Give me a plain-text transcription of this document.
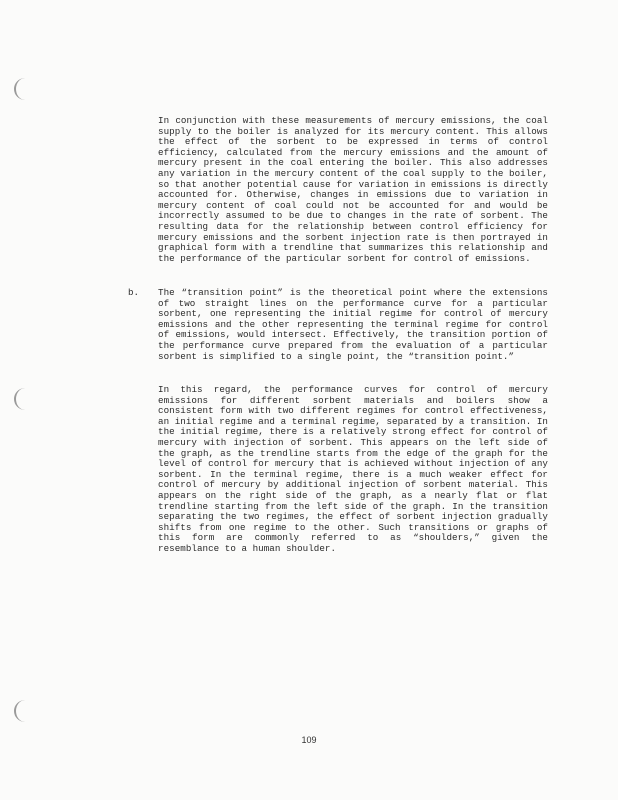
In conjunction with these measurements of mercury emissions, the coal supply to the boiler is analyzed for its mercury content. This allows the effect of the sorbent to be expressed in terms of control efficiency, calculated from the mercury emissions and the amount of mercury present in the coal entering the boiler. This also addresses any variation in the mercury content of the coal supply to the boiler, so that another potential cause for variation in emissions is directly accounted for. Otherwise, changes in emissions due to variation in mercury content of coal could not be accounted for and would be incorrectly assumed to be due to changes in the rate of sorbent. The resulting data for the relationship between control efficiency for mercury emissions and the sorbent injection rate is then portrayed in graphical form with a trendline that summarizes this relationship and the performance of the particular sorbent for control of emissions.

b. The “transition point” is the theoretical point where the extensions of two straight lines on the performance curve for a particular sorbent, one representing the initial regime for control of mercury emissions and the other representing the terminal regime for control of emissions, would intersect. Effectively, the transition portion of the performance curve prepared from the evaluation of a particular sorbent is simplified to a single point, the “transition point.”

In this regard, the performance curves for control of mercury emissions for different sorbent materials and boilers show a consistent form with two different regimes for control effectiveness, an initial regime and a terminal regime, separated by a transition. In the initial regime, there is a relatively strong effect for control of mercury with injection of sorbent. This appears on the left side of the graph, as the trendline starts from the edge of the graph for the level of control for mercury that is achieved without injection of any sorbent. In the terminal regime, there is a much weaker effect for control of mercury by additional injection of sorbent material. This appears on the right side of the graph, as a nearly flat or flat trendline starting from the left side of the graph. In the transition separating the two regimes, the effect of sorbent injection gradually shifts from one regime to the other. Such transitions or graphs of this form are commonly referred to as “shoulders,” given the resemblance to a human shoulder.

109
